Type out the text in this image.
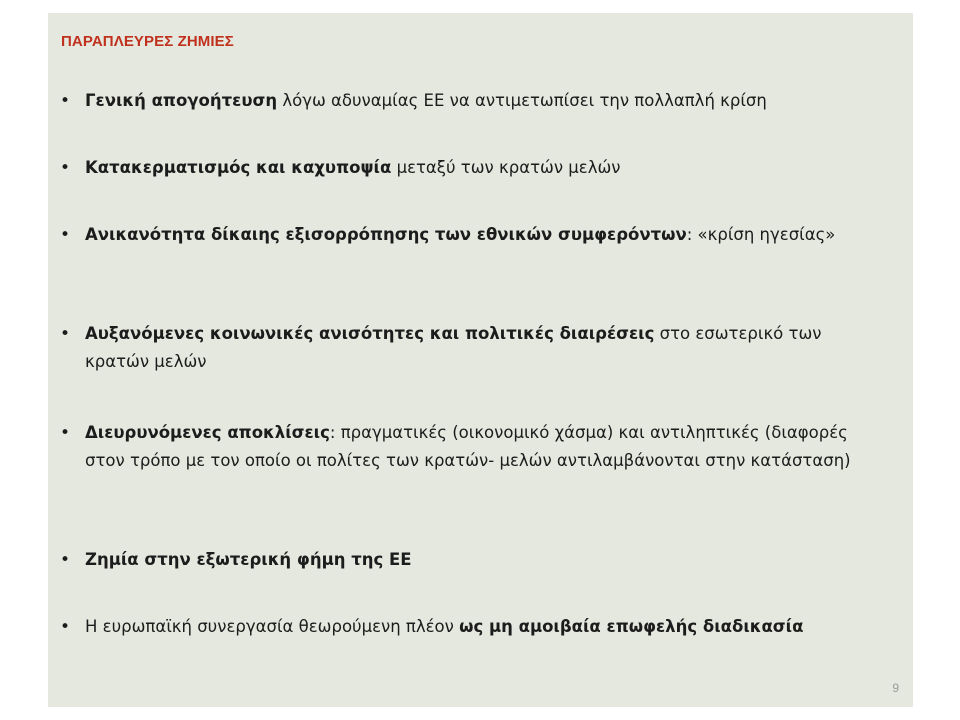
ΠΑΡΑΠΛΕΥΡΕΣ ΖΗΜΙΕΣ
• Γενική απογοήτευση λόγω αδυναμίας ΕΕ να αντιμετωπίσει την πολλαπλή κρίση
• Κατακερματισμός και καχυποψία μεταξύ των κρατών μελών
• Ανικανότητα δίκαιης εξισορρόπησης των εθνικών συμφερόντων: «κρίση ηγεσίας»
• Αυξανόμενες κοινωνικές ανισότητες και πολιτικές διαιρέσεις στο εσωτερικό των κρατών μελών
• Διευρυνόμενες αποκλίσεις: πραγματικές (οικονομικό χάσμα) και αντιληπτικές (διαφορές στον τρόπο με τον οποίο οι πολίτες των κρατών- μελών αντιλαμβάνονται στην κατάσταση)
• Ζημία στην εξωτερική φήμη της ΕΕ
• Η ευρωπαϊκή συνεργασία θεωρούμενη πλέον ως μη αμοιβαία επωφελής διαδικασία
9
